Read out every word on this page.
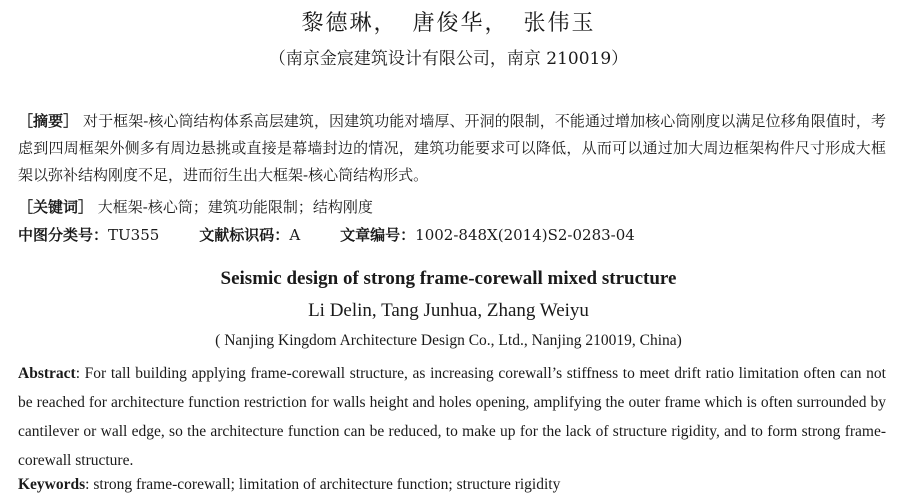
黎德琳， 唐俊华， 张伟玉
（南京金宸建筑设计有限公司，南京 210019）
［摘要］ 对于框架-核心筒结构体系高层建筑，因建筑功能对墙厚、开洞的限制，不能通过增加核心筒刚度以满足位移角限值时，考虑到四周框架外侧多有周边悬挑或直接是幕墙封边的情况，建筑功能要求可以降低，从而可以通过加大周边框架构件尺寸形成大框架以弥补结构刚度不足，进而衍生出大框架-核心筒结构形式。
［关键词］ 大框架-核心筒；建筑功能限制；结构刚度
中图分类号：TU355	文献标识码：A	文章编号：1002-848X(2014)S2-0283-04
Seismic design of strong frame-corewall mixed structure
Li Delin, Tang Junhua, Zhang Weiyu
( Nanjing Kingdom Architecture Design Co., Ltd., Nanjing 210019, China)
Abstract: For tall building applying frame-corewall structure, as increasing corewall’s stiffness to meet drift ratio limitation often can not be reached for architecture function restriction for walls height and holes opening, amplifying the outer frame which is often surrounded by cantilever or wall edge, so the architecture function can be reduced, to make up for the lack of structure rigidity, and to form strong frame-corewall structure.
Keywords: strong frame-corewall; limitation of architecture function; structure rigidity
